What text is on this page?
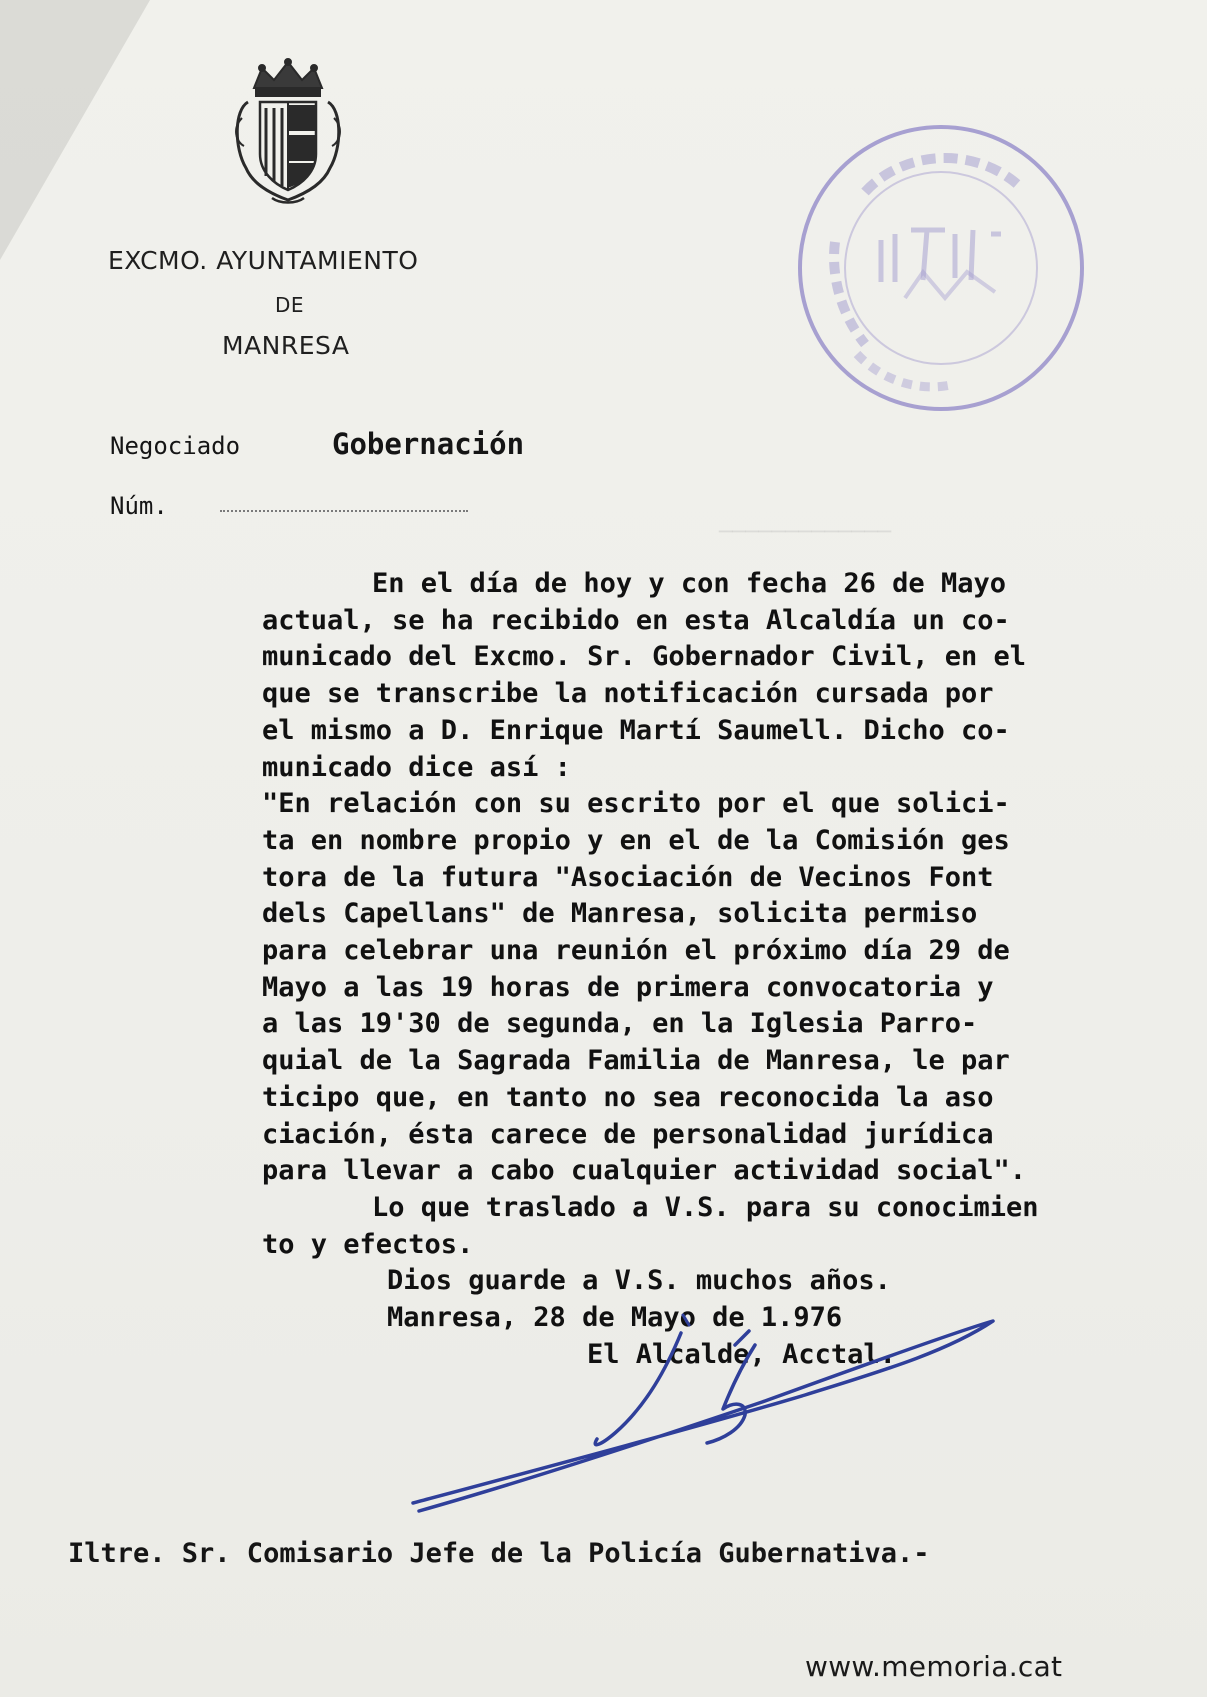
─────────────
EXCMO. AYUNTAMIENTO
DE
MANRESA
Negociado	Gobernación
Núm.
En el día de hoy y con fecha 26 de Mayo
actual, se ha recibido en esta Alcaldía un co-
municado del Excmo. Sr. Gobernador Civil, en el
que se transcribe la notificación cursada por
el mismo a D. Enrique Martí Saumell. Dicho co-
municado dice así :
"En relación con su escrito por el que solici-
ta en nombre propio y en el de la Comisión ges
tora de la futura "Asociación de Vecinos Font
dels Capellans" de Manresa, solicita permiso
para celebrar una reunión el próximo día 29 de
Mayo a las 19 horas de primera convocatoria y
a las 19'30 de segunda, en la Iglesia Parro-
quial de la Sagrada Familia de Manresa, le par
ticipo que, en tanto no sea reconocida la aso
ciación, ésta carece de personalidad jurídica
para llevar a cabo cualquier actividad social".
Lo que traslado a V.S. para su conocimien
to y efectos.
Dios guarde a V.S. muchos años.
Manresa, 28 de Mayo de 1.976
El Alcalde, Acctal.
Iltre. Sr. Comisario Jefe de la Policía Gubernativa.-
www.memoria.cat
